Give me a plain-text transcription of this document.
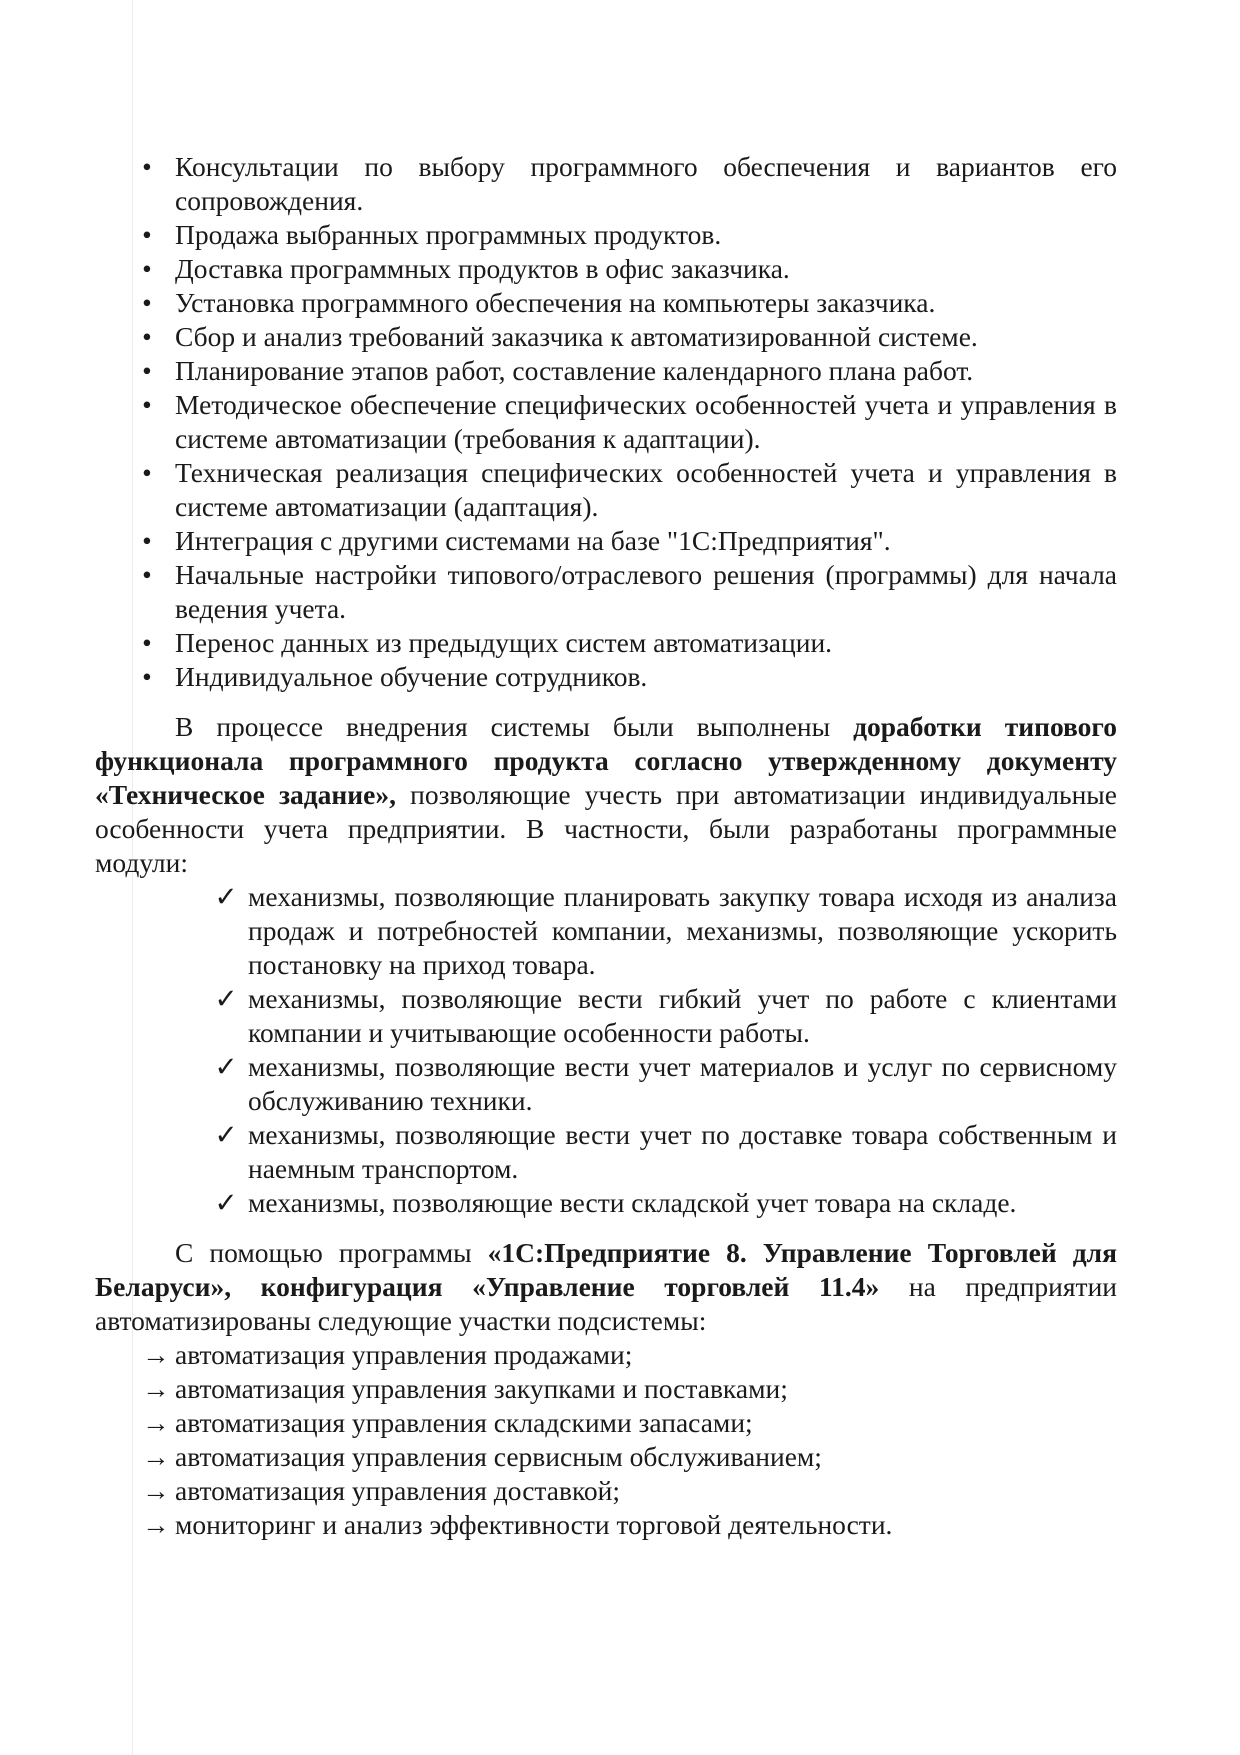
• Консультации по выбору программного обеспечения и вариантов его сопровождения.
• Продажа выбранных программных продуктов.
• Доставка программных продуктов в офис заказчика.
• Установка программного обеспечения на компьютеры заказчика.
• Сбор и анализ требований заказчика к автоматизированной системе.
• Планирование этапов работ, составление календарного плана работ.
• Методическое обеспечение специфических особенностей учета и управления в системе автоматизации (требования к адаптации).
• Техническая реализация специфических особенностей учета и управления в системе автоматизации (адаптация).
• Интеграция с другими системами на базе "1С:Предприятия".
• Начальные настройки типового/отраслевого решения (программы) для начала ведения учета.
• Перенос данных из предыдущих систем автоматизации.
• Индивидуальное обучение сотрудников.

В процессе внедрения системы были выполнены доработки типового функционала программного продукта согласно утвержденному документу «Техническое задание», позволяющие учесть при автоматизации индивидуальные особенности учета предприятии. В частности, были разработаны программные модули:

✓ механизмы, позволяющие планировать закупку товара исходя из анализа продаж и потребностей компании, механизмы, позволяющие ускорить постановку на приход товара.
✓ механизмы, позволяющие вести гибкий учет по работе с клиентами компании и учитывающие особенности работы.
✓ механизмы, позволяющие вести учет материалов и услуг по сервисному обслуживанию техники.
✓ механизмы, позволяющие вести учет по доставке товара собственным и наемным транспортом.
✓ механизмы, позволяющие вести складской учет товара на складе.

С помощью программы «1С:Предприятие 8. Управление Торговлей для Беларуси», конфигурация «Управление торговлей 11.4» на предприятии автоматизированы следующие участки подсистемы:

→ автоматизация управления продажами;
→ автоматизация управления закупками и поставками;
→ автоматизация управления складскими запасами;
→ автоматизация управления сервисным обслуживанием;
→ автоматизация управления доставкой;
→ мониторинг и анализ эффективности торговой деятельности.
